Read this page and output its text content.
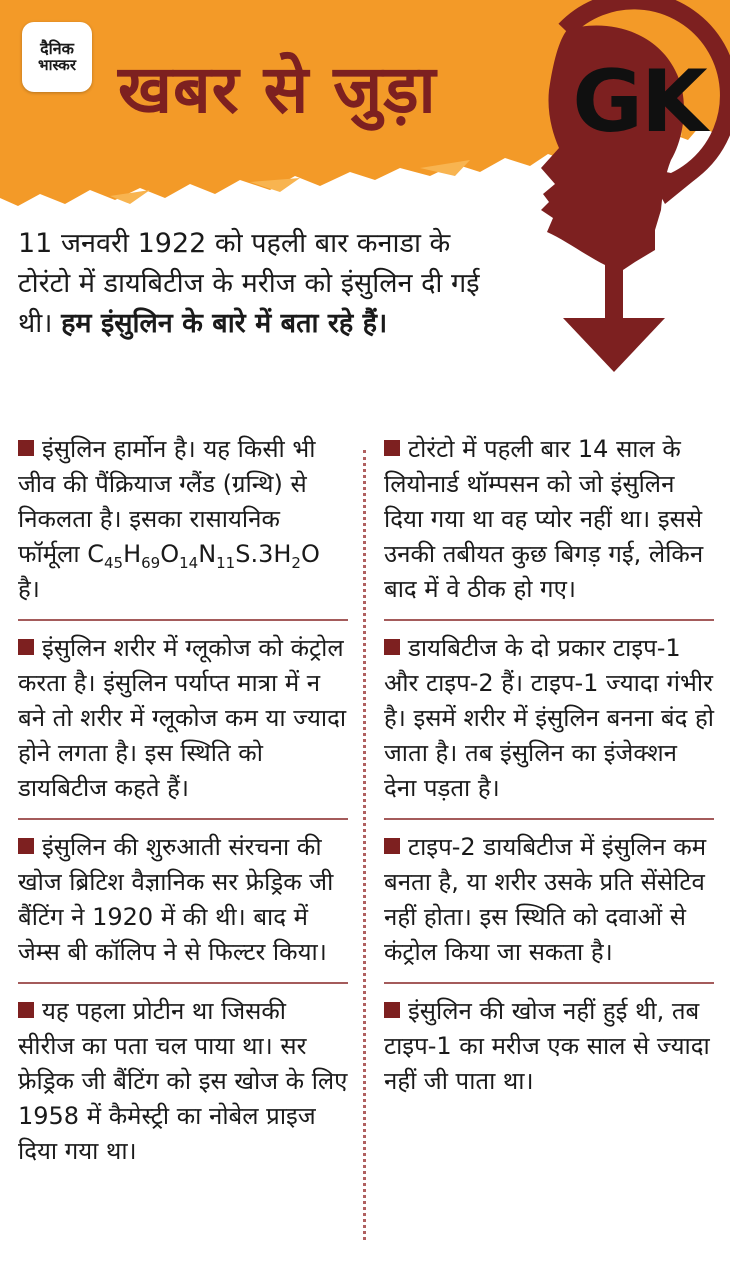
दैनिक
भास्कर खबर से जुड़ा GK
11 जनवरी 1922 को पहली बार कनाडा के टोरंटो में डायबिटीज के मरीज को इंसुलिन दी गई थी। हम इंसुलिन के बारे में बता रहे हैं।
इंसुलिन हार्मोन है। यह किसी भी जीव की पैंक्रियाज ग्लैंड (ग्रन्थि) से निकलता है। इसका रासायनिक फॉर्मूला $C_{45}H_{69}O_{14}N_{11}S.3H_2O$ है।
इंसुलिन शरीर में ग्लूकोज को कंट्रोल करता है। इंसुलिन पर्याप्त मात्रा में न बने तो शरीर में ग्लूकोज कम या ज्यादा होने लगता है। इस स्थिति को डायबिटीज कहते हैं।
इंसुलिन की शुरुआती संरचना की खोज ब्रिटिश वैज्ञानिक सर फ्रेड्रिक जी बैंटिंग ने 1920 में की थी। बाद में जेम्स बी कॉलिप ने से फिल्टर किया।
यह पहला प्रोटीन था जिसकी सीरीज का पता चल पाया था। सर फ्रेड्रिक जी बैंटिंग को इस खोज के लिए 1958 में कैमेस्ट्री का नोबेल प्राइज दिया गया था।
टोरंटो में पहली बार 14 साल के लियोनार्ड थॉम्पसन को जो इंसुलिन दिया गया था वह प्योर नहीं था। इससे उनकी तबीयत कुछ बिगड़ गई, लेकिन बाद में वे ठीक हो गए।
डायबिटीज के दो प्रकार टाइप-1 और टाइप-2 हैं। टाइप-1 ज्यादा गंभीर है। इसमें शरीर में इंसुलिन बनना बंद हो जाता है। तब इंसुलिन का इंजेक्शन देना पड़ता है।
टाइप-2 डायबिटीज में इंसुलिन कम बनता है, या शरीर उसके प्रति सेंसेटिव नहीं होता। इस स्थिति को दवाओं से कंट्रोल किया जा सकता है।
इंसुलिन की खोज नहीं हुई थी, तब टाइप-1 का मरीज एक साल से ज्यादा नहीं जी पाता था।
